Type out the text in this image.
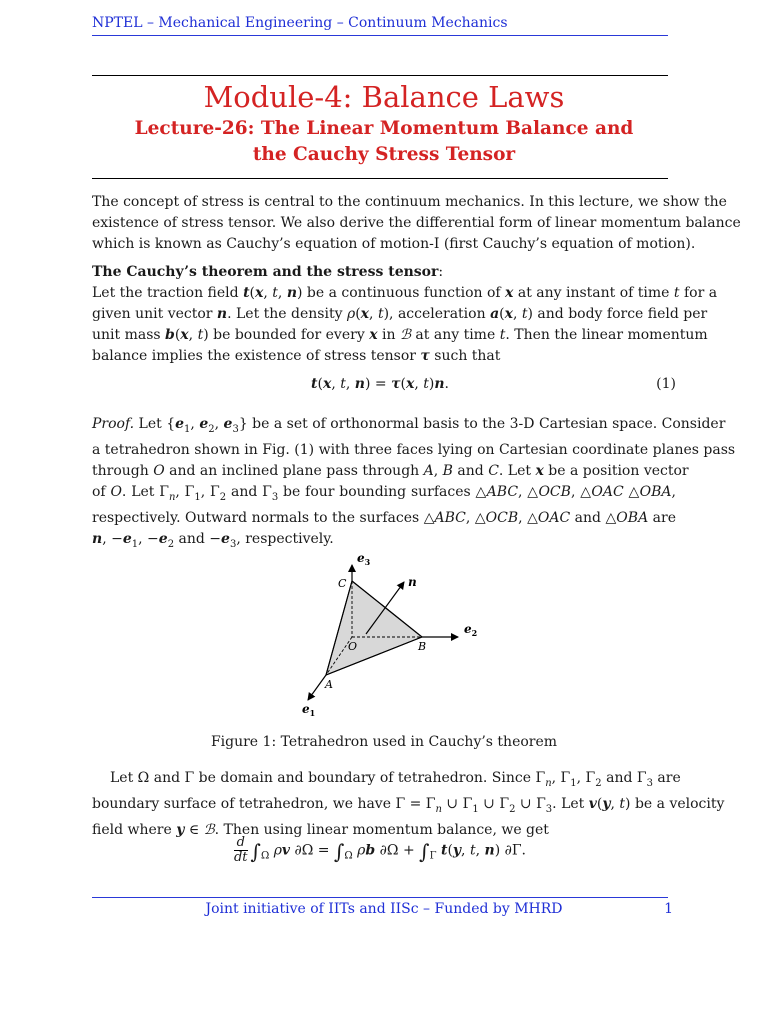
NPTEL – Mechanical Engineering – Continuum Mechanics
Module-4: Balance Laws
Lecture-26: The Linear Momentum Balance and
the Cauchy Stress Tensor
The concept of stress is central to the continuum mechanics. In this lecture, we show the
existence of stress tensor. We also derive the differential form of linear momentum balance
which is known as Cauchy’s equation of motion-I (first Cauchy’s equation of motion).
The Cauchy’s theorem and the stress tensor:
Let the traction field t(x, t, n) be a continuous function of x at any instant of time t for a
given unit vector n. Let the density ρ(x, t), acceleration a(x, t) and body force field per
unit mass b(x, t) be bounded for every x in ℬ at any time t. Then the linear momentum
balance implies the existence of stress tensor τ such that
t(x, t, n) = τ(x, t)n.	(1)
Proof. Let {$e_1$, $e_2$, $e_3$} be a set of orthonormal basis to the 3-D Cartesian space. Consider
a tetrahedron shown in Fig. (1) with three faces lying on Cartesian coordinate planes pass
through O and an inclined plane pass through A, B and C. Let x be a position vector
of O. Let $\Gamma_n$, $\Gamma_1$, $\Gamma_2$ and $\Gamma_3$ be four bounding surfaces △ABC, △OCB, △OAC △OBA,
respectively. Outward normals to the surfaces △ABC, △OCB, △OAC and △OBA are
n, $-e_1$, $-e_2$ and $-e_3$, respectively.
$e_3$
n
$e_2$
$e_1$
C
O	B
A
Figure 1: Tetrahedron used in Cauchy’s theorem
Let Ω and Γ be domain and boundary of tetrahedron. Since $\Gamma_n$, $\Gamma_1$, $\Gamma_2$ and $\Gamma_3$ are
boundary surface of tetrahedron, we have $\Gamma = \Gamma_n$ ∪ $\Gamma_1$ ∪ $\Gamma_2$ ∪ $\Gamma_3$. Let v(y, t) be a velocity
field where y ∈ ℬ. Then using linear momentum balance, we get
$\frac{d}{dt} \int_\Omega$ ρv $\partial\Omega = \int_\Omega$ ρb $\partial\Omega + \int_\Gamma$ t(y, t, n) ∂Γ.
Joint initiative of IITs and IISc – Funded by MHRD	1
